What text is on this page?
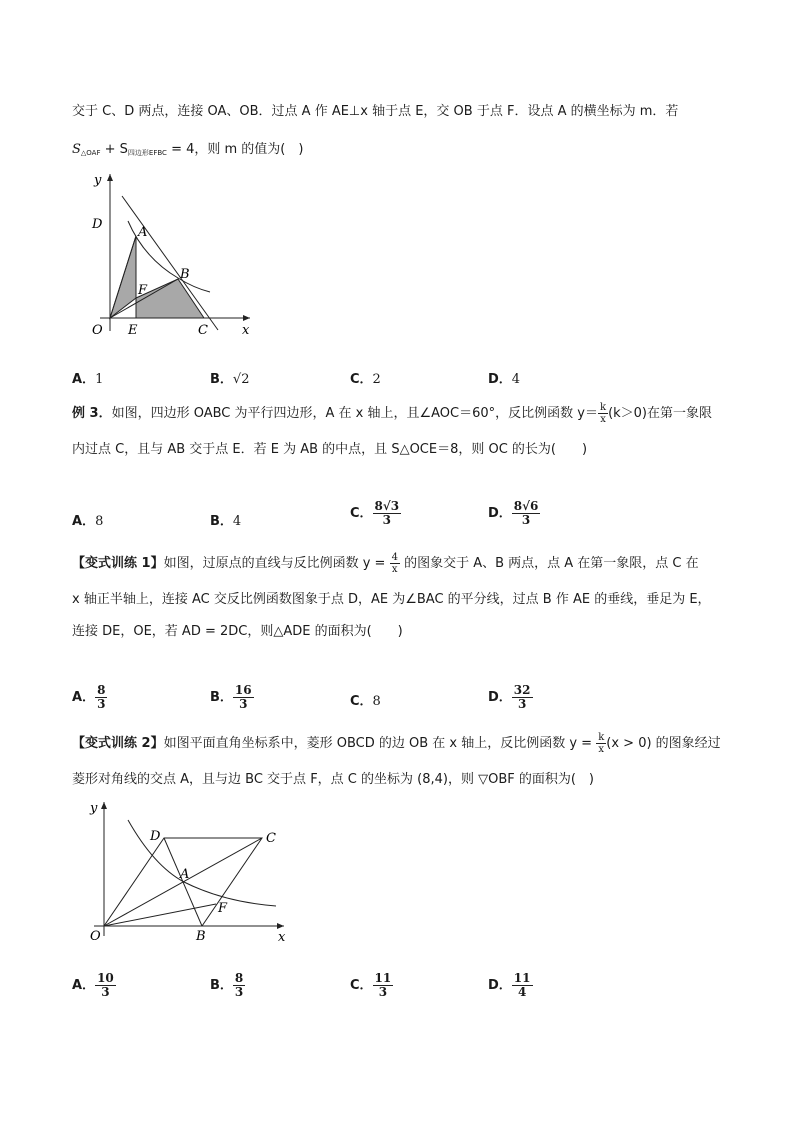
交于 C、D 两点，连接 OA、OB．过点 A 作 AE⊥x 轴于点 E，交 OB 于点 F．设点 A 的横坐标为 m．若
$S_{\triangle OAF} + S_{四边形EFBC} = 4$，则 m 的值为(　)
y
x
D
A
B
F
O E	C
A．1	B．√2	C．2	D．4
例 3．如图，四边形 OABC 为平行四边形，A 在 x 轴上，且∠AOC＝60°，反比例函数 $y= \frac{k}{x} (k>0)$在第一象限
内过点 C，且与 AB 交于点 E．若 E 为 AB 的中点，且 S△OCE＝8，则 OC 的长为(　　)
A．8	B．4
C． $\frac{8√3}{3}$	D． $\frac{8√6}{3}$
【变式训练 1】如图，过原点的直线与反比例函数 $y = \frac{4}{x}$ 的图象交于 A、B 两点，点 A 在第一象限，点 C 在
x 轴正半轴上，连接 AC 交反比例函数图象于点 D，AE 为∠BAC 的平分线，过点 B 作 AE 的垂线，垂足为 E，
连接 DE，OE，若 AD = 2DC，则△ADE 的面积为(　　)
A． $\frac{8}{3}$	B． $\frac{16}{3}$	C．8	D． $\frac{32}{3}$
【变式训练 2】如图平面直角坐标系中，菱形 OBCD 的边 OB 在 x 轴上，反比例函数 $y = \frac{k}{x} (x > 0)$ 的图象经过
菱形对角线的交点 A，且与边 BC 交于点 F，点 C 的坐标为 (8,4)，则 ▽OBF 的面积为(　)
y
x
D	C
A
F
O	B
A． $\frac{10}{3}$	B． $\frac{8}{3}$	C． $\frac{11}{3}$	D． $\frac{11}{4}$
